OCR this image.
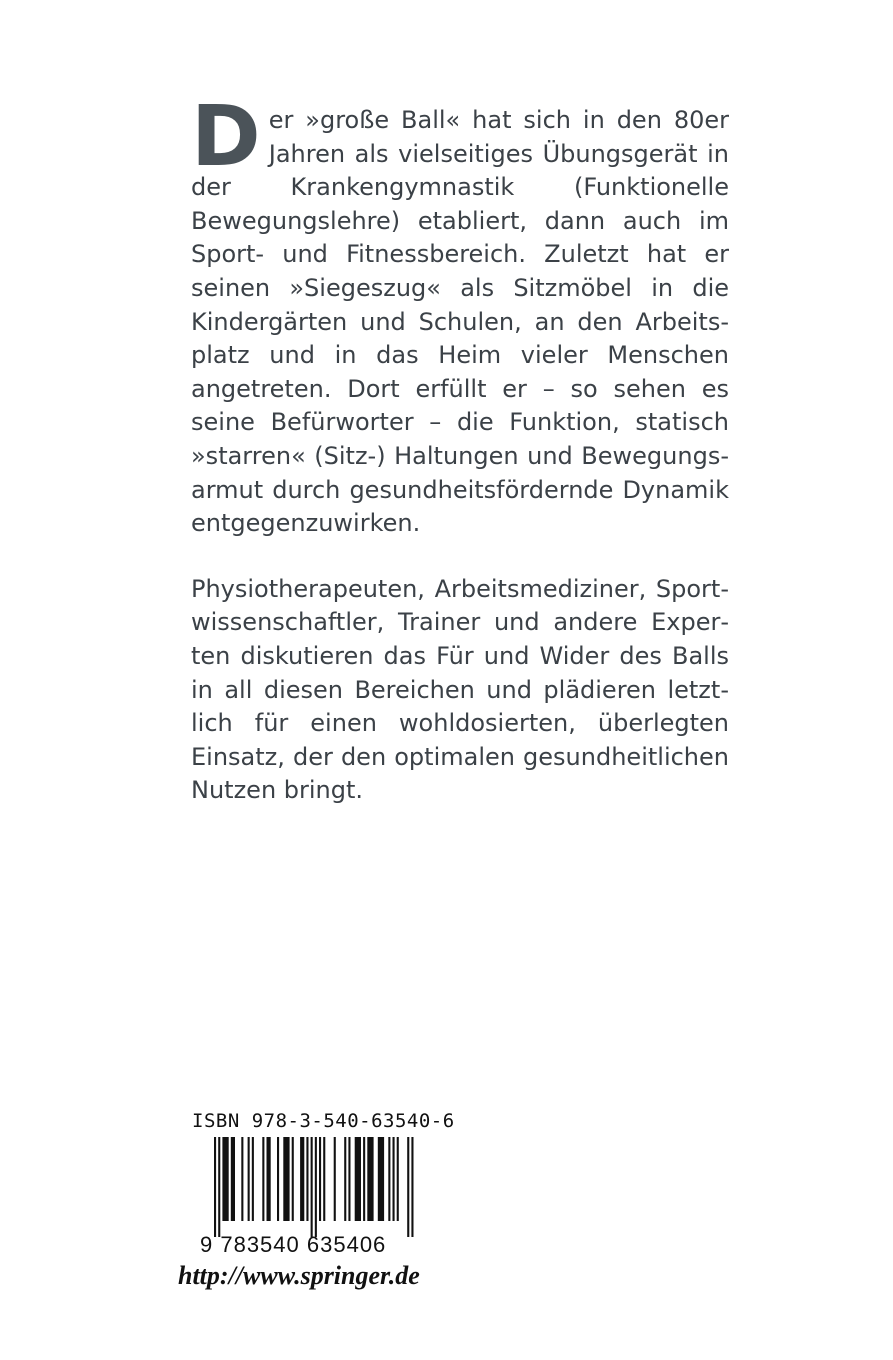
Der »große Ball« hat sich in den 80er Jahren als vielseitiges Übungsgerät in der Krankengymnastik (Funktionelle Bewegungslehre) etabliert, dann auch im Sport- und Fitnessbereich. Zuletzt hat er seinen »Siegeszug« als Sitzmöbel in die Kindergärten und Schulen, an den Arbeitsplatz und in das Heim vieler Menschen angetreten. Dort erfüllt er – so sehen es seine Befürworter – die Funktion, statisch »starren« (Sitz-) Haltungen und Bewegungsarmut durch gesundheitsfördernde Dynamik entgegenzuwirken.

Physiotherapeuten, Arbeitsmediziner, Sportwissenschaftler, Trainer und andere Experten diskutieren das Für und Wider des Balls in all diesen Bereichen und plädieren letztlich für einen wohldosierten, überlegten Einsatz, der den optimalen gesundheitlichen Nutzen bringt.

ISBN 978-3-540-63540-6
9 783540 635406
http://www.springer.de
